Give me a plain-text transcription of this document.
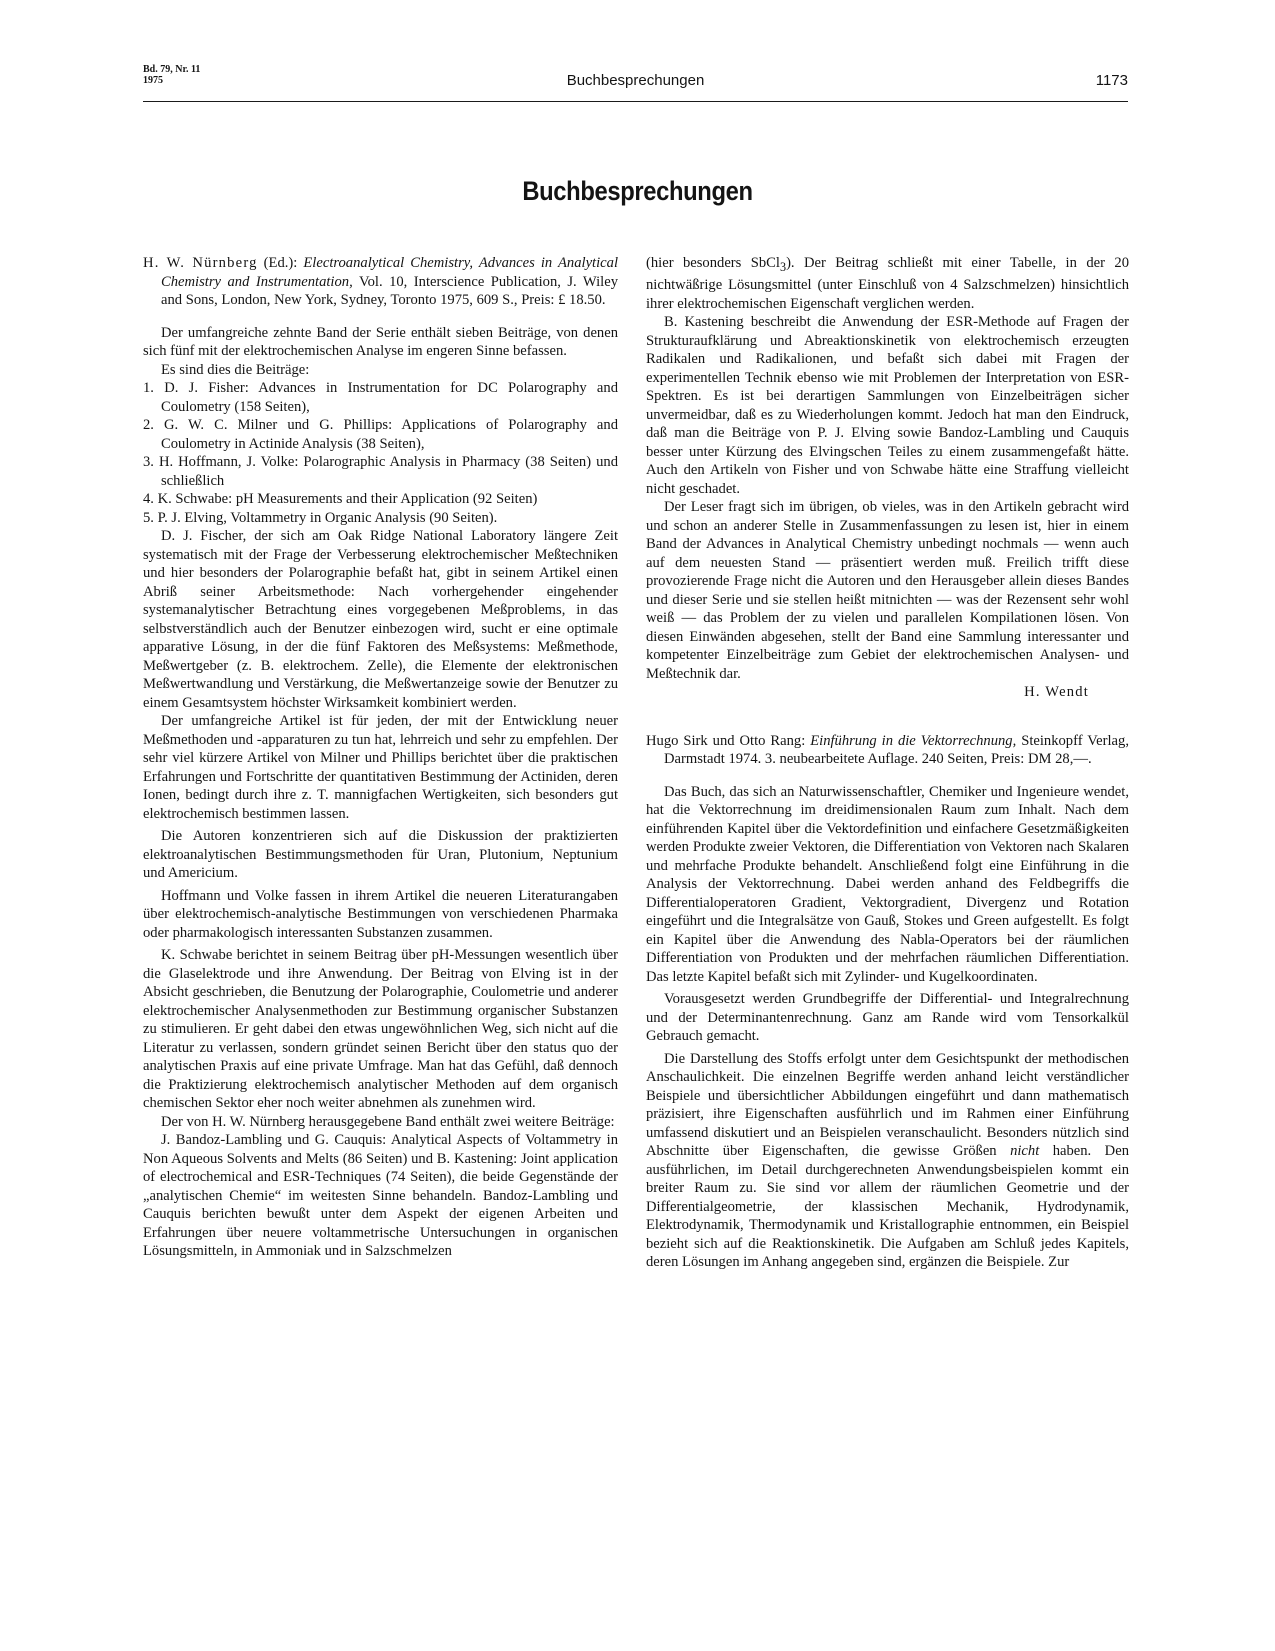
Bd. 79, Nr. 11
1975	Buchbesprechungen	1173
Buchbesprechungen

H. W. Nürnberg (Ed.): Electroanalytical Chemistry, Advances in Analytical Chemistry and Instrumentation, Vol. 10, Interscience Publication, J. Wiley and Sons, London, New York, Sydney, Toronto 1975, 609 S., Preis: £ 18.50.

Der umfangreiche zehnte Band der Serie enthält sieben Beiträge, von denen sich fünf mit der elektrochemischen Analyse im engeren Sinne befassen.

Es sind dies die Beiträge:

1. D. J. Fisher: Advances in Instrumentation for DC Polarography and Coulometry (158 Seiten),

2. G. W. C. Milner und G. Phillips: Applications of Polarography and Coulometry in Actinide Analysis (38 Seiten),

3. H. Hoffmann, J. Volke: Polarographic Analysis in Pharmacy (38 Seiten) und schließlich

4. K. Schwabe: pH Measurements and their Application (92 Seiten)

5. P. J. Elving, Voltammetry in Organic Analysis (90 Seiten).

D. J. Fischer, der sich am Oak Ridge National Laboratory längere Zeit systematisch mit der Frage der Verbesserung elektrochemischer Meßtechniken und hier besonders der Polarographie befaßt hat, gibt in seinem Artikel einen Abriß seiner Arbeitsmethode: Nach vorhergehender eingehender systemanalytischer Betrachtung eines vorgegebenen Meßproblems, in das selbstverständlich auch der Benutzer einbezogen wird, sucht er eine optimale apparative Lösung, in der die fünf Faktoren des Meßsystems: Meßmethode, Meßwertgeber (z. B. elektrochem. Zelle), die Elemente der elektronischen Meßwertwandlung und Verstärkung, die Meßwertanzeige sowie der Benutzer zu einem Gesamtsystem höchster Wirksamkeit kombiniert werden.

Der umfangreiche Artikel ist für jeden, der mit der Entwicklung neuer Meßmethoden und -apparaturen zu tun hat, lehrreich und sehr zu empfehlen. Der sehr viel kürzere Artikel von Milner und Phillips berichtet über die praktischen Erfahrungen und Fortschritte der quantitativen Bestimmung der Actiniden, deren Ionen, bedingt durch ihre z. T. mannigfachen Wertigkeiten, sich besonders gut elektrochemisch bestimmen lassen.

Die Autoren konzentrieren sich auf die Diskussion der praktizierten elektroanalytischen Bestimmungsmethoden für Uran, Plutonium, Neptunium und Americium.

Hoffmann und Volke fassen in ihrem Artikel die neueren Literaturangaben über elektrochemisch-analytische Bestimmungen von verschiedenen Pharmaka oder pharmakologisch interessanten Substanzen zusammen.

K. Schwabe berichtet in seinem Beitrag über pH-Messungen wesentlich über die Glaselektrode und ihre Anwendung. Der Beitrag von Elving ist in der Absicht geschrieben, die Benutzung der Polarographie, Coulometrie und anderer elektrochemischer Analysenmethoden zur Bestimmung organischer Substanzen zu stimulieren. Er geht dabei den etwas ungewöhnlichen Weg, sich nicht auf die Literatur zu verlassen, sondern gründet seinen Bericht über den status quo der analytischen Praxis auf eine private Umfrage. Man hat das Gefühl, daß dennoch die Praktizierung elektrochemisch analytischer Methoden auf dem organisch chemischen Sektor eher noch weiter abnehmen als zunehmen wird.

Der von H. W. Nürnberg herausgegebene Band enthält zwei weitere Beiträge:

J. Bandoz-Lambling und G. Cauquis: Analytical Aspects of Voltammetry in Non Aqueous Solvents and Melts (86 Seiten) und B. Kastening: Joint application of electrochemical and ESR-Techniques (74 Seiten), die beide Gegenstände der „analytischen Chemie“ im weitesten Sinne behandeln. Bandoz-Lambling und Cauquis berichten bewußt unter dem Aspekt der eigenen Arbeiten und Erfahrungen über neuere voltammetrische Untersuchungen in organischen Lösungsmitteln, in Ammoniak und in Salzschmelzen

(hier besonders SbCl$_3$). Der Beitrag schließt mit einer Tabelle, in der 20 nichtwäßrige Lösungsmittel (unter Einschluß von 4 Salzschmelzen) hinsichtlich ihrer elektrochemischen Eigenschaft verglichen werden.

B. Kastening beschreibt die Anwendung der ESR-Methode auf Fragen der Strukturaufklärung und Abreaktionskinetik von elektrochemisch erzeugten Radikalen und Radikalionen, und befaßt sich dabei mit Fragen der experimentellen Technik ebenso wie mit Problemen der Interpretation von ESR-Spektren. Es ist bei derartigen Sammlungen von Einzelbeiträgen sicher unvermeidbar, daß es zu Wiederholungen kommt. Jedoch hat man den Eindruck, daß man die Beiträge von P. J. Elving sowie Bandoz-Lambling und Cauquis besser unter Kürzung des Elvingschen Teiles zu einem zusammengefaßt hätte. Auch den Artikeln von Fisher und von Schwabe hätte eine Straffung vielleicht nicht geschadet.

Der Leser fragt sich im übrigen, ob vieles, was in den Artikeln gebracht wird und schon an anderer Stelle in Zusammenfassungen zu lesen ist, hier in einem Band der Advances in Analytical Chemistry unbedingt nochmals — wenn auch auf dem neuesten Stand — präsentiert werden muß. Freilich trifft diese provozierende Frage nicht die Autoren und den Herausgeber allein dieses Bandes und dieser Serie und sie stellen heißt mitnichten — was der Rezensent sehr wohl weiß — das Problem der zu vielen und parallelen Kompilationen lösen. Von diesen Einwänden abgesehen, stellt der Band eine Sammlung interessanter und kompetenter Einzelbeiträge zum Gebiet der elektrochemischen Analysen- und Meßtechnik dar.

H. Wendt

Hugo Sirk und Otto Rang: Einführung in die Vektorrechnung, Steinkopff Verlag, Darmstadt 1974. 3. neubearbeitete Auflage. 240 Seiten, Preis: DM 28,—.

Das Buch, das sich an Naturwissenschaftler, Chemiker und Ingenieure wendet, hat die Vektorrechnung im dreidimensionalen Raum zum Inhalt. Nach dem einführenden Kapitel über die Vektordefinition und einfachere Gesetzmäßigkeiten werden Produkte zweier Vektoren, die Differentiation von Vektoren nach Skalaren und mehrfache Produkte behandelt. Anschließend folgt eine Einführung in die Analysis der Vektorrechnung. Dabei werden anhand des Feldbegriffs die Differentialoperatoren Gradient, Vektorgradient, Divergenz und Rotation eingeführt und die Integralsätze von Gauß, Stokes und Green aufgestellt. Es folgt ein Kapitel über die Anwendung des Nabla-Operators bei der räumlichen Differentiation von Produkten und der mehrfachen räumlichen Differentiation. Das letzte Kapitel befaßt sich mit Zylinder- und Kugelkoordinaten.

Vorausgesetzt werden Grundbegriffe der Differential- und Integralrechnung und der Determinantenrechnung. Ganz am Rande wird vom Tensorkalkül Gebrauch gemacht.

Die Darstellung des Stoffs erfolgt unter dem Gesichtspunkt der methodischen Anschaulichkeit. Die einzelnen Begriffe werden anhand leicht verständlicher Beispiele und übersichtlicher Abbildungen eingeführt und dann mathematisch präzisiert, ihre Eigenschaften ausführlich und im Rahmen einer Einführung umfassend diskutiert und an Beispielen veranschaulicht. Besonders nützlich sind Abschnitte über Eigenschaften, die gewisse Größen nicht haben. Den ausführlichen, im Detail durchgerechneten Anwendungsbeispielen kommt ein breiter Raum zu. Sie sind vor allem der räumlichen Geometrie und der Differentialgeometrie, der klassischen Mechanik, Hydrodynamik, Elektrodynamik, Thermodynamik und Kristallographie entnommen, ein Beispiel bezieht sich auf die Reaktionskinetik. Die Aufgaben am Schluß jedes Kapitels, deren Lösungen im Anhang angegeben sind, ergänzen die Beispiele. Zur
